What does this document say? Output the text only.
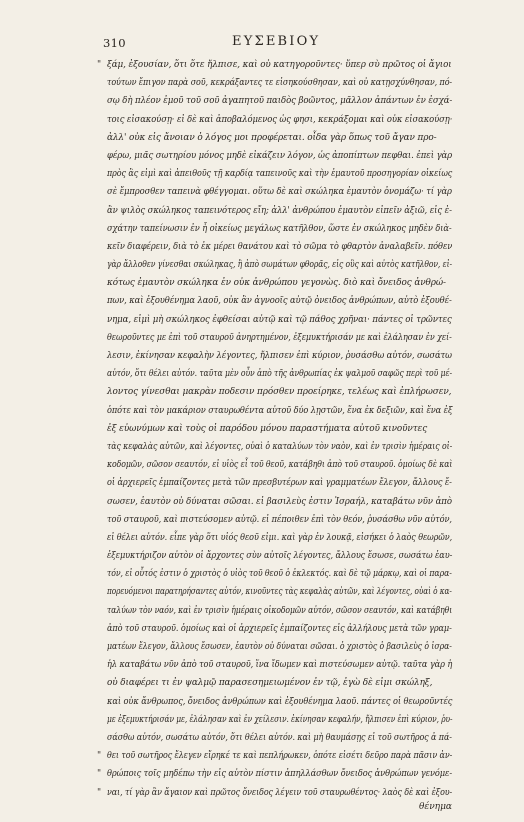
310	ΕΥΣΕΒΙΟΥ
" ξάμ, ἐξουσίαν, ὅτι ὅτε ἤλπισε, καὶ οὐ κατηγοροῦντες· ὕπερ σὺ πρῶτος οἱ ἄγιοι
τούτων ἔπιγον παρὰ σοῦ, κεκράξαντες τε εἰσηκούσθησαν, καὶ οὐ κατῃσχύνθησαν, πό-
σῳ δὴ πλέον ἐμοῦ τοῦ σοῦ ἀγαπητοῦ παιδὸς βοῶντος, μᾶλλον ἀπάντων ἐν ἐσχά-
τοις εἰσακούσῃ· εἰ δὲ καὶ ἀποβαλόμενος ὡς φησι, κεκράξομαι καὶ οὐκ εἰσακούσῃ·
ἀλλ' οὐκ εἰς ἄνοιαν ὁ λόγος μοι προφέρεται. οἶδα γὰρ ὅπως τοῦ ἄγαν προ-
φέρω, μιᾶς σωτηρίου μόνος μηδὲ εἰκάζειν λόγον, ὡς ἀποπίπτων πεφθαι. ἐπεὶ γὰρ
πρὸς ἃς εἰμὶ καὶ ἀπειθοῦς τῇ καρδίᾳ ταπεινοῦς καὶ τὴν ἐμαυτοῦ προσηγορίαν οἰκείως
σὲ ἔμπροσθεν ταπεινὰ φθέγγομαι. οὕτω δὲ καὶ σκώληκα ἐμαυτὸν ὀνομάζω· τί γὰρ
ἂν ψιλὸς σκώληκος ταπεινότερος εἴη; ἀλλ' ἀνθρώπου ἐμαυτὸν εἰπεῖν ἀξιῶ, εἰς ἐ-
σχάτην ταπείνωσιν ἐν ἧ οἰκείως μεγάλως κατῆλθον, ὥστε ἐν σκώληκος μηδὲν διὰ-
κεῖν διαφέρειν, διὰ τὸ ἐκ μέρει θανάτου καὶ τὸ σῶμα τὸ φθαρτὸν ἀναλαβεῖν. πόθεν
γὰρ ἄλλοθεν γίνεσθαι σκώληκας, ἢ ἀπὸ σωμάτων φθορᾶς, εἰς οὓς καὶ αὐτὸς κατῆλθον, εἰ-
κότως ἐμαυτὸν σκώληκα ἐν οὐκ ἀνθρώπου γεγονὼς. διὸ καὶ ὄνειδος ἀνθρώ-
πων, καὶ ἐξουθένημα λαοῦ, οὐκ ἂν ἀγνοοῖς αὐτῷ ὀνειδος ἀνθρώπων, αὐτὸ ἐξουθέ-
νημα, εἰμὶ μὴ σκώληκος ἐφθείσαι αὐτῷ καὶ τῷ πάθος χρῆναι· πάντες οἱ τρῶντες
θεωροῦντες με ἐπὶ τοῦ σταυροῦ ἀνηρτημένον, ἐξεμυκτήρισάν με καὶ ἐλάλησαν ἐν χεί-
λεσιν, ἐκίνησαν κεφαλὴν λέγοντες, ἤλπισεν ἐπὶ κύριον, ῥυσάσθω αὐτόν, σωσάτω
αὐτόν, ὅτι θέλει αὐτόν. ταῦτα μὲν οὖν ἀπὸ τῆς ἀνθρωπίας ἐκ ψαλμοῦ σαφῶς περὶ τοῦ μέ-
λοντος γίνεσθαι μακρὰν ποδεσιν πρόσθεν προείρηκε, τελέως καὶ ἐπλήρωσεν,
ὁπότε καὶ τὸν μακάριον σταυρωθέντα αὐτοῦ δύο λῃστῶν, ἕνα ἐκ δεξιῶν, καὶ ἕνα ἐξ
ἐξ εὐωνύμων καὶ τοὺς οἱ παρόδου μόνου παραστήματα αὐτοῦ κινοῦντες
τὰς κεφαλὰς αὐτῶν, καὶ λέγοντες, οὐαὶ ὁ καταλύων τὸν ναὸν, καὶ ἐν τρισὶν ἡμέραις οἰ-
κοδομῶν, σῶσον σεαυτόν, εἰ υἱὸς εἶ τοῦ θεοῦ, κατάβηθι ἀπὸ τοῦ σταυροῦ. ὁμοίως δὲ καὶ
οἱ ἀρχιερεῖς ἐμπαίζοντες μετὰ τῶν πρεσβυτέρων καὶ γραμματέων ἔλεγον, ἄλλους ἔ-
σωσεν, ἑαυτὸν οὐ δύναται σῶσαι. εἰ βασιλεὺς ἐστιν Ἰσραήλ, καταβάτω νῦν ἀπὸ
τοῦ σταυροῦ, καὶ πιστεύσομεν αὐτῷ. εἰ πέποιθεν ἐπὶ τὸν θεόν, ῥυσάσθω νῦν αὐτόν,
εἰ θέλει αὐτόν. εἶπε γὰρ ὅτι υἱός θεοῦ εἰμι. καὶ γὰρ ἐν λουκᾷ, εἰσήκει ὁ λαὸς θεωρῶν,
ἐξεμυκτήριζον αὐτὸν οἱ ἄρχοντες σὺν αὐτοῖς λέγοντες, ἄλλους ἔσωσε, σωσάτω ἑαυ-
τόν, εἰ οὗτός ἐστιν ὁ χριστὸς ὁ υἱὸς τοῦ θεοῦ ὁ ἐκλεκτός. καὶ δὲ τῷ μάρκῳ, καὶ οἱ παρα-
πορευόμενοι παρατηρήσαντες αὐτόν, κινοῦντες τὰς κεφαλὰς αὐτῶν, καὶ λέγοντες, οὐαὶ ὁ κα-
ταλύων τὸν ναόν, καὶ ἐν τρισὶν ἡμέραις οἰκοδομῶν αὐτόν, σῶσον σεαυτόν, καὶ κατάβηθι
ἀπὸ τοῦ σταυροῦ. ὁμοίως καὶ οἱ ἀρχιερεῖς ἐμπαίζοντες εἰς ἀλλήλους μετὰ τῶν γραμ-
ματέων ἔλεγον, ἄλλους ἔσωσεν, ἑαυτὸν οὐ δύναται σῶσαι. ὁ χριστὸς ὁ βασιλεὺς ὁ ἰσρα-
ἡλ καταβάτω νῦν ἀπὸ τοῦ σταυροῦ, ἵνα ἴδωμεν καὶ πιστεύσωμεν αὐτῷ. ταῦτα γὰρ ἡ
οὐ διαφέρει τι ἐν ψαλμῷ παρασεσημειωμένον ἐν τῷ, ἐγὼ δὲ εἰμι σκώληξ,
καὶ οὐκ ἄνθρωπος, ὄνειδος ἀνθρώπων καὶ ἐξουθένημα λαοῦ. πάντες οἱ θεωροῦντές
με ἐξεμυκτήρισάν με, ἐλάλησαν καὶ ἐν χείλεσιν. ἐκίνησαν κεφαλήν, ἤλπισεν ἐπὶ κύριον, ῥυ-
σάσθω αὐτόν, σωσάτω αὐτόν, ὅτι θέλει αὐτόν. καὶ μὴ θαυμάσῃς εἰ τοῦ σωτῆρος ἀ πά-
" θει τοῦ σωτῆρος ἔλεγεν εἴρηκέ τε καὶ πεπλήρωκεν, ὁπότε εἰσέτι δεῦρο παρὰ πᾶσιν ἀν-
" θρώποις τοῖς μηδέπω τὴν εἰς αὐτὸν πίστιν ἀπηλλάσθων ὄνειδος ἀνθρώπων γενόμε-
" ναι, τί γὰρ ἂν ἄγαιον καὶ πρῶτος ὄνειδος λέγειν τοῦ σταυρωθέντος· λαὸς δὲ καὶ ἐξου-
θένημα
